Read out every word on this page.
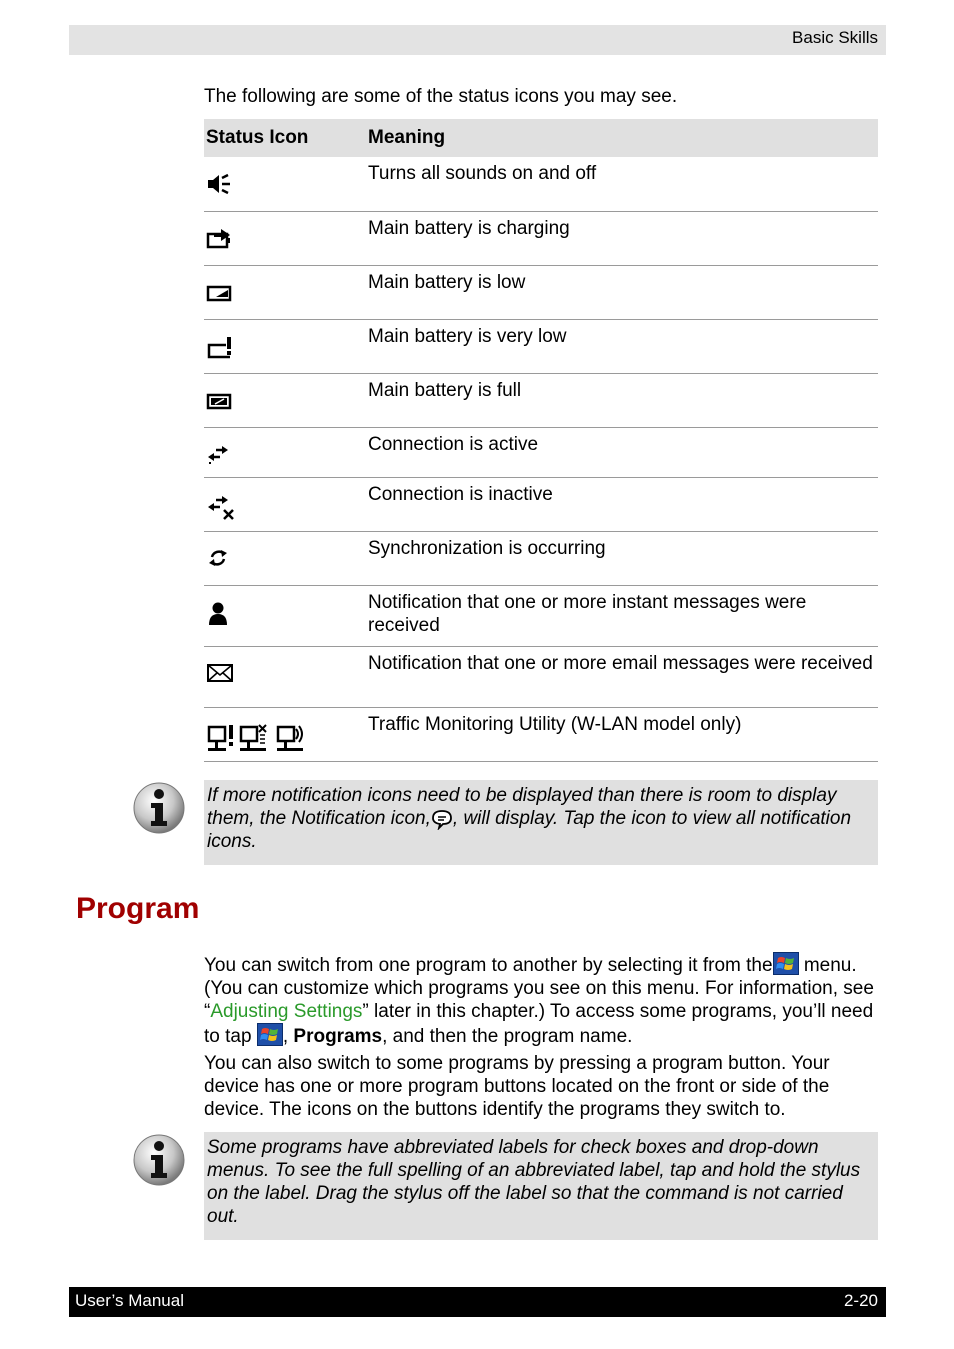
Basic Skills
The following are some of the status icons you may see.
Status Icon	Meaning

	Turns all sounds on and off

	Main battery is charging

	Main battery is low

	Main battery is very low

	Main battery is full

	Connection is active

	Connection is inactive

	Synchronization is occurring

	Notification that one or more instant messages were received

	Notification that one or more email messages were received

	Traffic Monitoring Utility (W-LAN model only)
If more notification icons need to be displayed than there is room to display them, the Notification icon, , will display. Tap the icon to view all notification icons.
Program
You can switch from one program to another by selecting it from the menu. (You can customize which programs you see on this menu. For information, see “Adjusting Settings” later in this chapter.) To access some programs, you’ll need to tap , Programs, and then the program name.
You can also switch to some programs by pressing a program button. Your device has one or more program buttons located on the front or side of the device. The icons on the buttons identify the programs they switch to.
Some programs have abbreviated labels for check boxes and drop-down menus. To see the full spelling of an abbreviated label, tap and hold the stylus on the label. Drag the stylus off the label so that the command is not carried out.
User’s Manual	2-20
